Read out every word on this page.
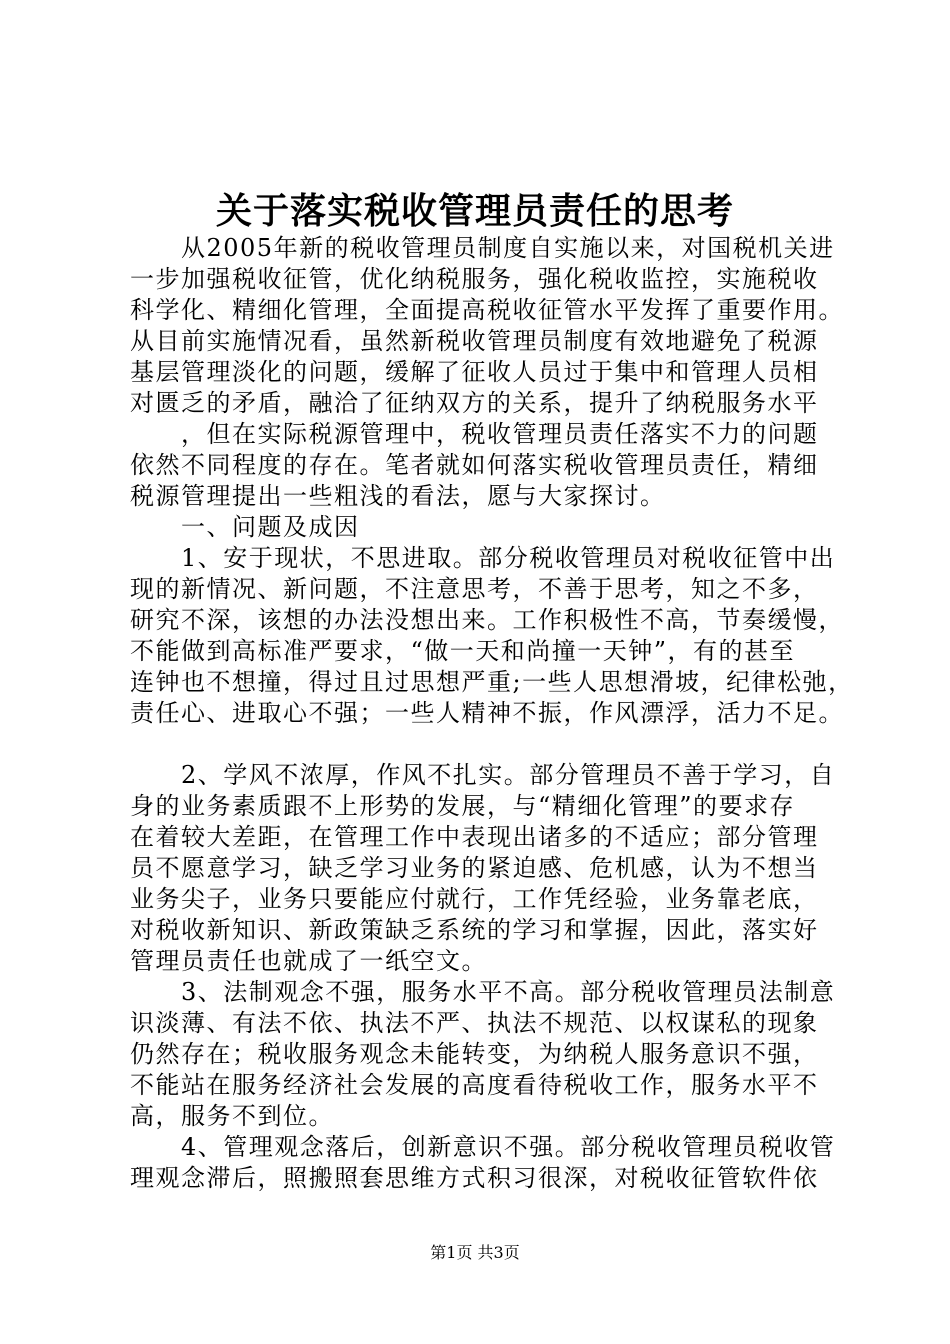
关于落实税收管理员责任的思考
　　从2005年新的税收管理员制度自实施以来，对国税机关进
一步加强税收征管，优化纳税服务，强化税收监控，实施税收
科学化、精细化管理，全面提高税收征管水平发挥了重要作用。
从目前实施情况看，虽然新税收管理员制度有效地避免了税源
基层管理淡化的问题，缓解了征收人员过于集中和管理人员相
对匮乏的矛盾，融洽了征纳双方的关系，提升了纳税服务水平
　　，但在实际税源管理中，税收管理员责任落实不力的问题
依然不同程度的存在。笔者就如何落实税收管理员责任，精细
税源管理提出一些粗浅的看法，愿与大家探讨。
　　一、问题及成因
　　1、安于现状，不思进取。部分税收管理员对税收征管中出
现的新情况、新问题，不注意思考，不善于思考，知之不多，
研究不深，该想的办法没想出来。工作积极性不高，节奏缓慢，
不能做到高标准严要求，“做一天和尚撞一天钟”，有的甚至
连钟也不想撞，得过且过思想严重;一些人思想滑坡，纪律松弛，
责任心、进取心不强；一些人精神不振，作风漂浮，活力不足。
　　2、学风不浓厚，作风不扎实。部分管理员不善于学习，自
身的业务素质跟不上形势的发展，与“精细化管理”的要求存
在着较大差距，在管理工作中表现出诸多的不适应；部分管理
员不愿意学习，缺乏学习业务的紧迫感、危机感，认为不想当
业务尖子，业务只要能应付就行，工作凭经验，业务靠老底，
对税收新知识、新政策缺乏系统的学习和掌握，因此，落实好
管理员责任也就成了一纸空文。
　　3、法制观念不强，服务水平不高。部分税收管理员法制意
识淡薄、有法不依、执法不严、执法不规范、以权谋私的现象
仍然存在；税收服务观念未能转变，为纳税人服务意识不强，
不能站在服务经济社会发展的高度看待税收工作，服务水平不
高，服务不到位。
　　4、管理观念落后，创新意识不强。部分税收管理员税收管
理观念滞后，照搬照套思维方式积习很深，对税收征管软件依
第1页 共3页
